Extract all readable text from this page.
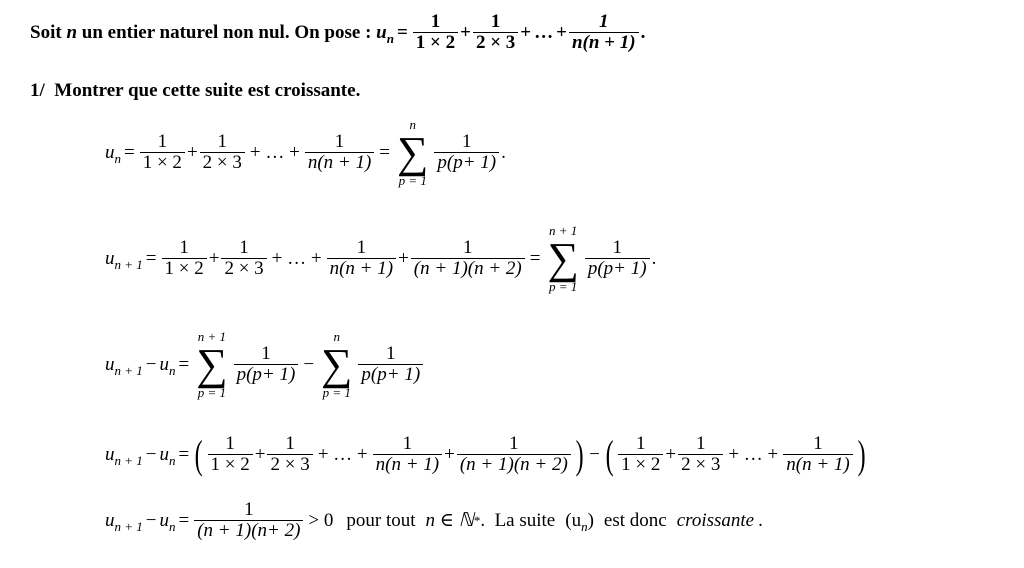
Soit
n
un entier naturel non nul. On pose :
u $n = \frac{1}{1 \times 2} + \frac{1}{2 \times 3}$ + … + $\frac{1}{n(n + 1)}$ .
1/
Montrer que cette suite est croissante.
u $n = \frac{1}{1 \times 2} + \frac{1}{2 \times 3}$ + … + $\frac{1}{n(n + 1)}$ =
n
∑
p = 1
$\frac{1}{p(p+ 1)}$ .
u $n + 1 = \frac{1}{1 \times 2} + \frac{1}{2 \times 3}$ + … + $\frac{1}{n(n + 1)} + \frac{1}{(n + 1)(n + 2)}$ =
n + 1
∑
p = 1
$\frac{1}{p(p+ 1)}$ .
u n + 1 − u n =
n + 1
∑
p = 1
$\frac{1}{p(p+ 1)}$ −
n
∑
p = 1
$\frac{1}{p(p+ 1)}$
u n + 1 − u n = ( $\frac{1}{1 \times 2} + \frac{1}{2 \times 3}$ + … + $\frac{1}{n(n + 1)} + \frac{1}{(n + 1)(n + 2)}$ ) − ( $\frac{1}{1 \times 2} + \frac{1}{2 \times 3}$ + … + $\frac{1}{n(n + 1)}$ )
u n + 1 − u $n = \frac{1}{(n + 1)(n+ 2)} > 0$ pour tout n ∈ ℕ * .  La suite (u n ) est donc croissante .
